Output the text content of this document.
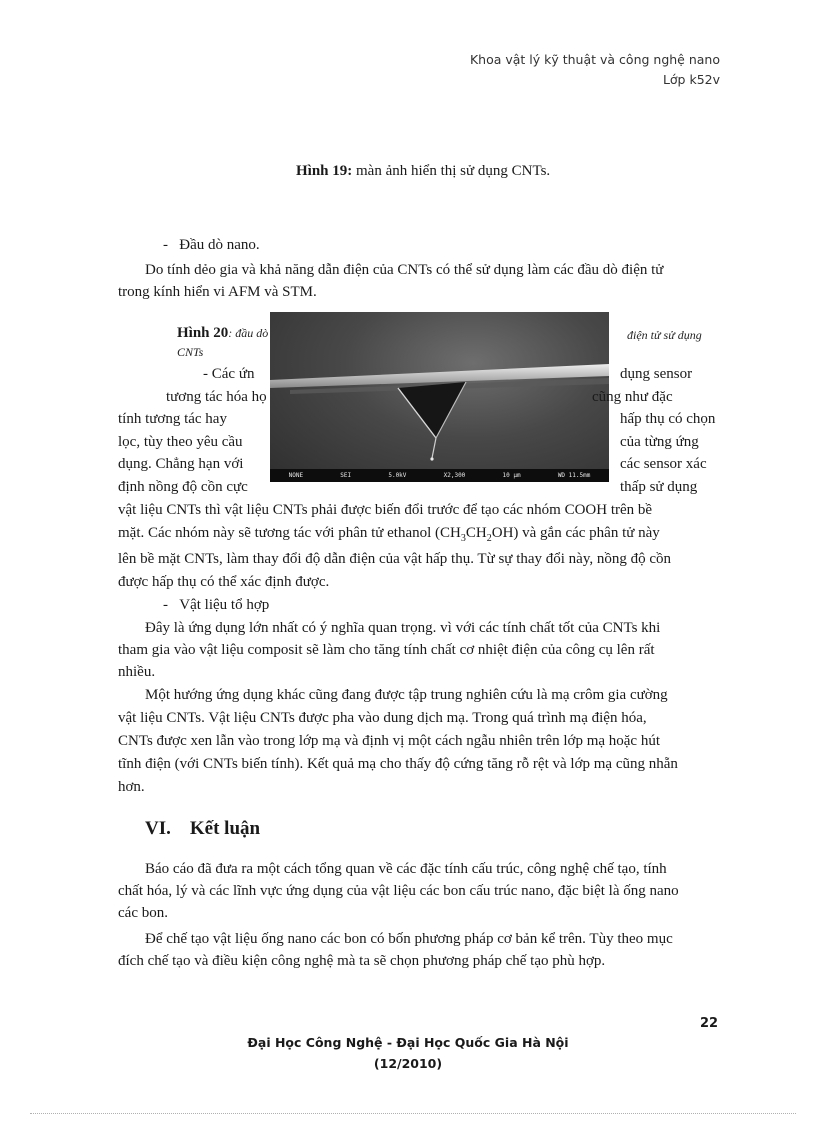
Khoa vật lý kỹ thuật và công nghệ nano
Lớp k52v
Hình 19: màn ảnh hiển thị sử dụng CNTs.
- Đầu dò nano.
Do tính dẻo gia và khả năng dẫn điện của CNTs có thể sử dụng làm các đầu dò điện tử
trong kính hiển vi AFM và STM.
Hình 20: đầu dò	điện tử sử dụng
CNTs
NONE	SEI	5.0kV	X2,300	10 µm	WD 11.5mm
- Các ứn
tương tác hóa họ
tính tương tác hay
lọc, tùy theo yêu cầu
dụng. Chẳng hạn với
định nồng độ cồn cực
dụng sensor
cũng như đặc
hấp thụ có chọn
của từng ứng
các sensor xác
thấp sử dụng
vật liệu CNTs thì vật liệu CNTs phải được biến đổi trước để tạo các nhóm COOH trên bề
mặt. Các nhóm này sẽ tương tác với phân tử ethanol $(CH_3CH_2OH)$ và gắn các phân tử này
lên bề mặt CNTs, làm thay đổi độ dẫn điện của vật hấp thụ. Từ sự thay đổi này, nồng độ cồn
được hấp thụ có thể xác định được.
- Vật liệu tổ hợp
Đây là ứng dụng lớn nhất có ý nghĩa quan trọng. vì với các tính chất tốt của CNTs khi
tham gia vào vật liệu composit sẽ làm cho tăng tính chất cơ nhiệt điện của công cụ lên rất
nhiều.
Một hướng ứng dụng khác cũng đang được tập trung nghiên cứu là mạ crôm gia cường
vật liệu CNTs. Vật liệu CNTs được pha vào dung dịch mạ. Trong quá trình mạ điện hóa,
CNTs được xen lẫn vào trong lớp mạ và định vị một cách ngẫu nhiên trên lớp mạ hoặc hút
tĩnh điện (với CNTs biến tính). Kết quả mạ cho thấy độ cứng tăng rỗ rệt và lớp mạ cũng nhẵn
hơn.
VI. Kết luận
Báo cáo đã đưa ra một cách tổng quan về các đặc tính cấu trúc, công nghệ chế tạo, tính
chất hóa, lý và các lĩnh vực ứng dụng của vật liệu các bon cấu trúc nano, đặc biệt là ống nano
các bon.
Để chế tạo vật liệu ống nano các bon có bốn phương pháp cơ bản kể trên. Tùy theo mục
đích chế tạo và điều kiện công nghệ mà ta sẽ chọn phương pháp chế tạo phù hợp.
22
Đại Học Công Nghệ - Đại Học Quốc Gia Hà Nội
(12/2010)
